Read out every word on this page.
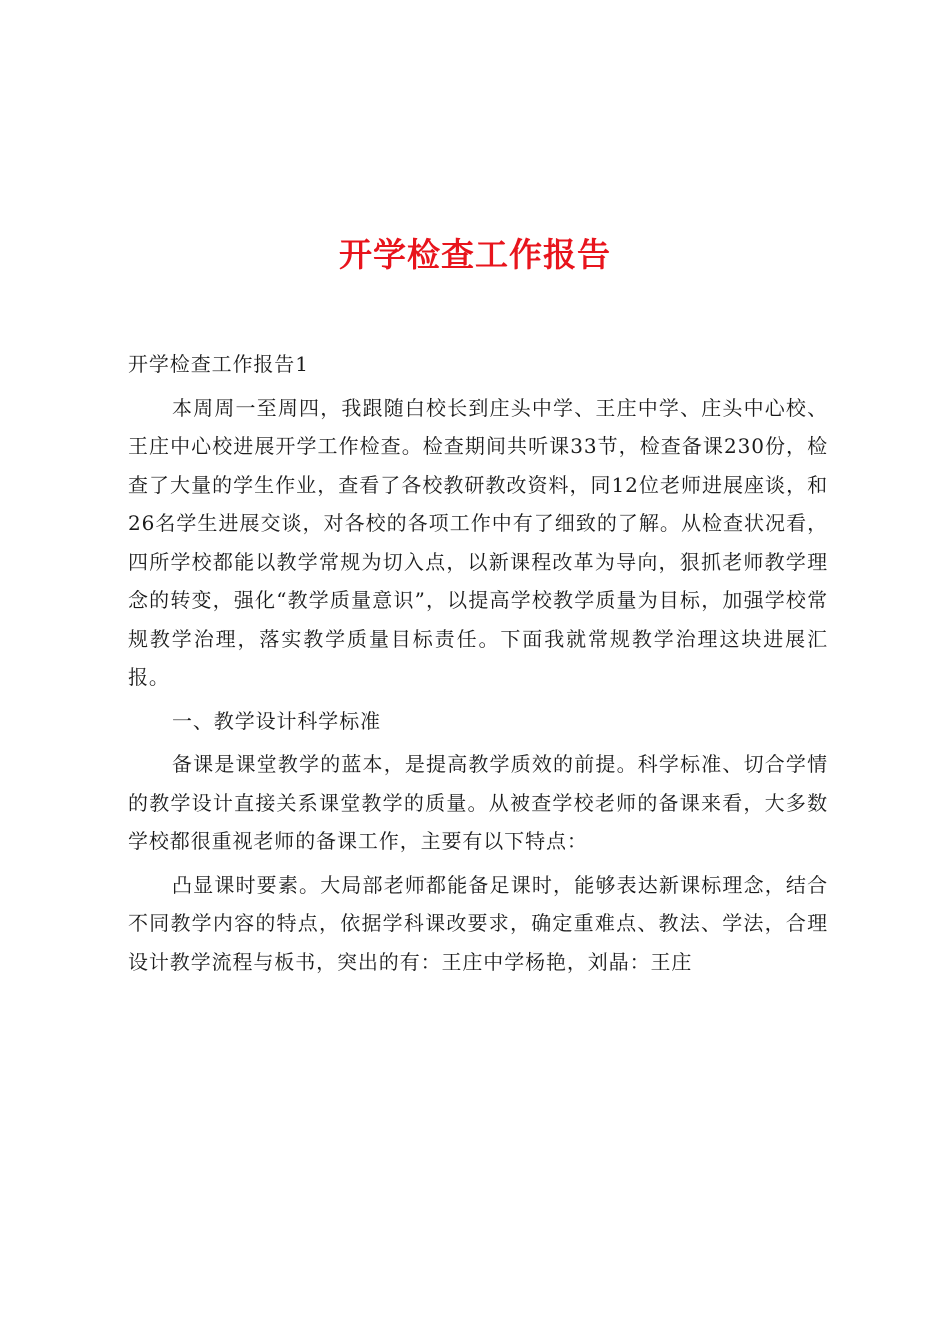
开学检查工作报告

开学检查工作报告1

本周周一至周四，我跟随白校长到庄头中学、王庄中学、庄头中心校、王庄中心校进展开学工作检查。检查期间共听课33节，检查备课230份，检查了大量的学生作业，查看了各校教研教改资料，同12位老师进展座谈，和26名学生进展交谈，对各校的各项工作中有了细致的了解。从检查状况看，四所学校都能以教学常规为切入点，以新课程改革为导向，狠抓老师教学理念的转变，强化“教学质量意识”，以提高学校教学质量为目标，加强学校常规教学治理，落实教学质量目标责任。下面我就常规教学治理这块进展汇报。

一、教学设计科学标准

备课是课堂教学的蓝本，是提高教学质效的前提。科学标准、切合学情的教学设计直接关系课堂教学的质量。从被查学校老师的备课来看，大多数学校都很重视老师的备课工作，主要有以下特点：

凸显课时要素。大局部老师都能备足课时，能够表达新课标理念，结合不同教学内容的特点，依据学科课改要求，确定重难点、教法、学法，合理设计教学流程与板书，突出的有：王庄中学杨艳，刘晶：王庄
